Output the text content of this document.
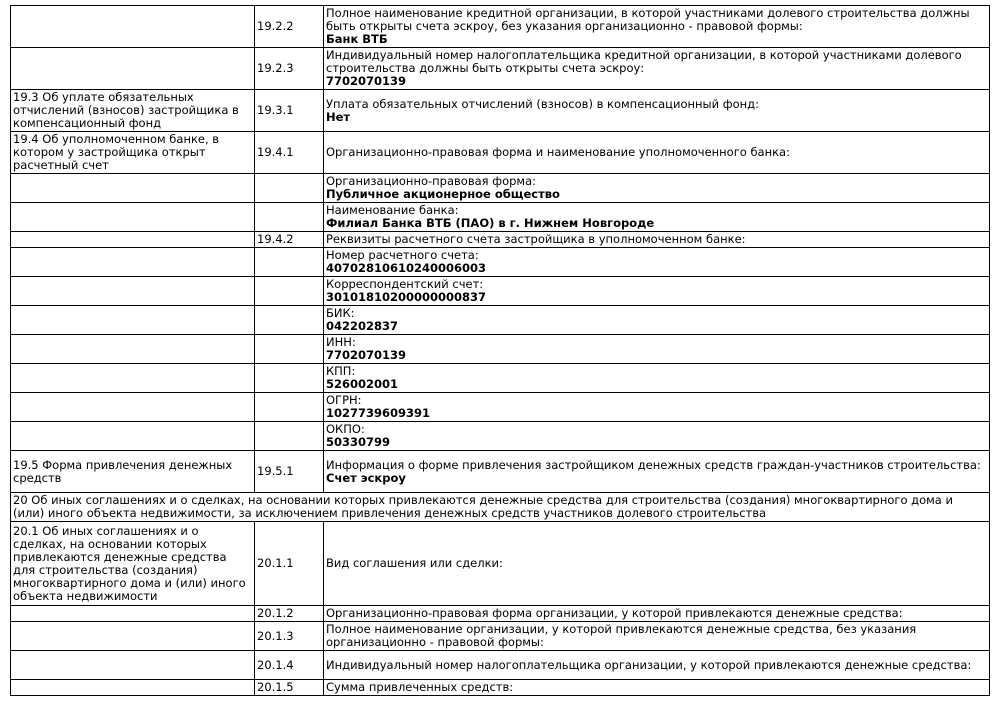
	19.2.2	Полное наименование кредитной организации, в которой участниками долевого строительства должны быть открыты счета эскроу, без указания организационно - правовой формы:
Банк ВТБ

	19.2.3	Индивидуальный номер налогоплательщика кредитной организации, в которой участниками долевого строительства должны быть открыты счета эскроу:
7702070139

19.3 Об уплате обязательных отчислений (взносов) застройщика в компенсационный фонд	19.3.1	Уплата обязательных отчислений (взносов) в компенсационный фонд:
Нет

19.4 Об уполномоченном банке, в котором у застройщика открыт расчетный счет	19.4.1	Организационно-правовая форма и наименование уполномоченного банка:

		Организационно-правовая форма:
Публичное акционерное общество

		Наименование банка:
Филиал Банка ВТБ (ПАО) в г. Нижнем Новгороде

	19.4.2	Реквизиты расчетного счета застройщика в уполномоченном банке:

		Номер расчетного счета:
40702810610240006003

		Корреспондентский счет:
30101810200000000837

		БИК:
042202837

		ИНН:
7702070139

		КПП:
526002001

		ОГРН:
1027739609391

		ОКПО:
50330799

19.5 Форма привлечения денежных средств	19.5.1	Информация о форме привлечения застройщиком денежных средств граждан-участников строительства:
Счет эскроу

20 Об иных соглашениях и о сделках, на основании которых привлекаются денежные средства для строительства (создания) многоквартирного дома и (или) иного объекта недвижимости, за исключением привлечения денежных средств участников долевого строительства		
20.1 Об иных соглашениях и о сделках, на основании которых привлекаются денежные средства для строительства (создания) многоквартирного дома и (или) иного объекта недвижимости	20.1.1	Вид соглашения или сделки:
	20.1.2	Организационно-правовая форма организации, у которой привлекаются денежные средства:
	20.1.3	Полное наименование организации, у которой привлекаются денежные средства, без указания организационно - правовой формы:
	20.1.4	Индивидуальный номер налогоплательщика организации, у которой привлекаются денежные средства:
	20.1.5	Сумма привлеченных средств:
